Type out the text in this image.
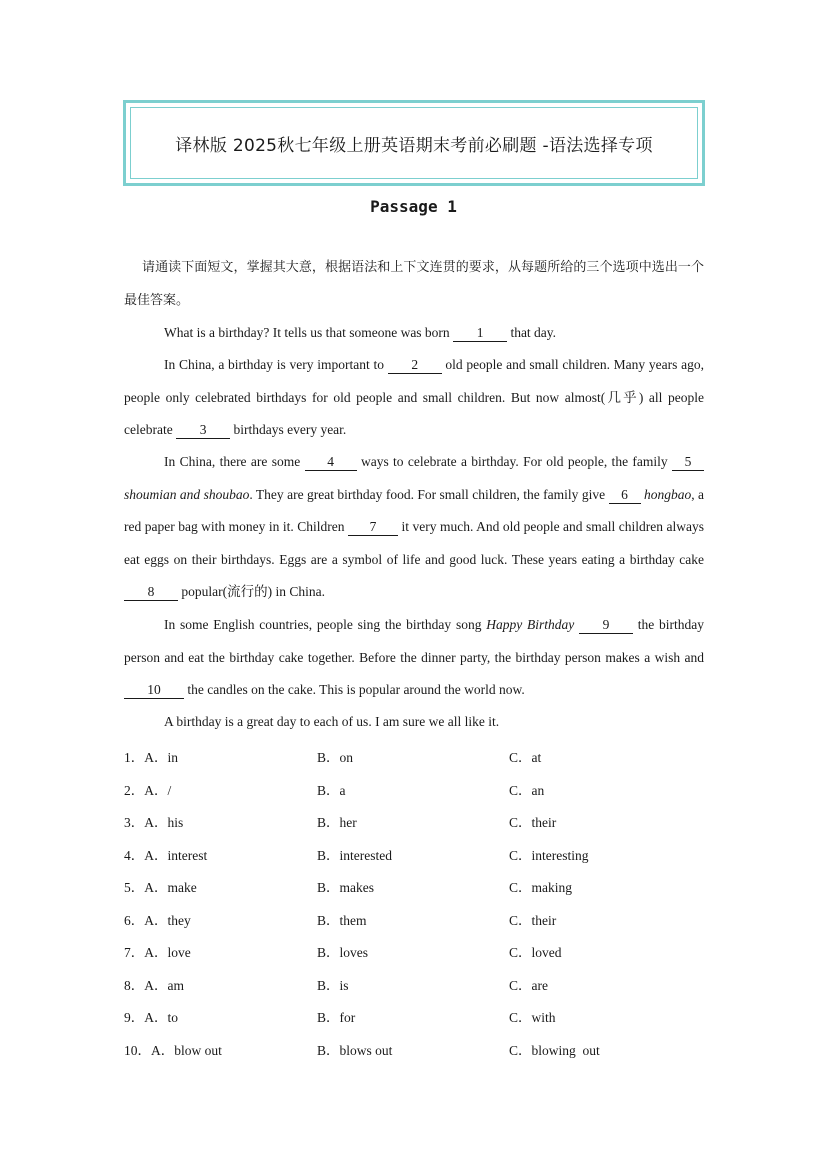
译林版 2025秋七年级上册英语期末考前必刷题 -语法选择专项
Passage 1
请通读下面短文，掌握其大意，根据语法和上下文连贯的要求，从每题所给的三个选项中选出一个最佳答案。
What is a birthday? It tells us that someone was born 1 that day.
In China, a birthday is very important to 2 old people and small children. Many years ago, people only celebrated birthdays for old people and small children. But now almost(几乎) all people celebrate 3 birthdays every year.
In China, there are some 4 ways to celebrate a birthday. For old people, the family 5 shoumian and shoubao. They are great birthday food. For small children, the family give 6 hongbao, a red paper bag with money in it. Children 7 it very much. And old people and small children always eat eggs on their birthdays. Eggs are a symbol of life and good luck. These years eating a birthday cake 8 popular(流行的) in China.
In some English countries, people sing the birthday song Happy Birthday 9 the birthday person and eat the birthday cake together. Before the dinner party, the birthday person makes a wish and 10 the candles on the cake. This is popular around the world now.
A birthday is a great day to each of us. I am sure we all like it.
1．A．in	B．on	C．at
2．A．/	B．a	C．an
3．A．his	B．her	C．their
4．A．interest	B．interested	C．interesting
5．A．make	B．makes	C．making
6．A．they	B．them	C．their
7．A．love	B．loves	C．loved
8．A．am	B．is	C．are
9．A．to	B．for	C．with
10．A．blow out	B．blows out	C．blowing  out
